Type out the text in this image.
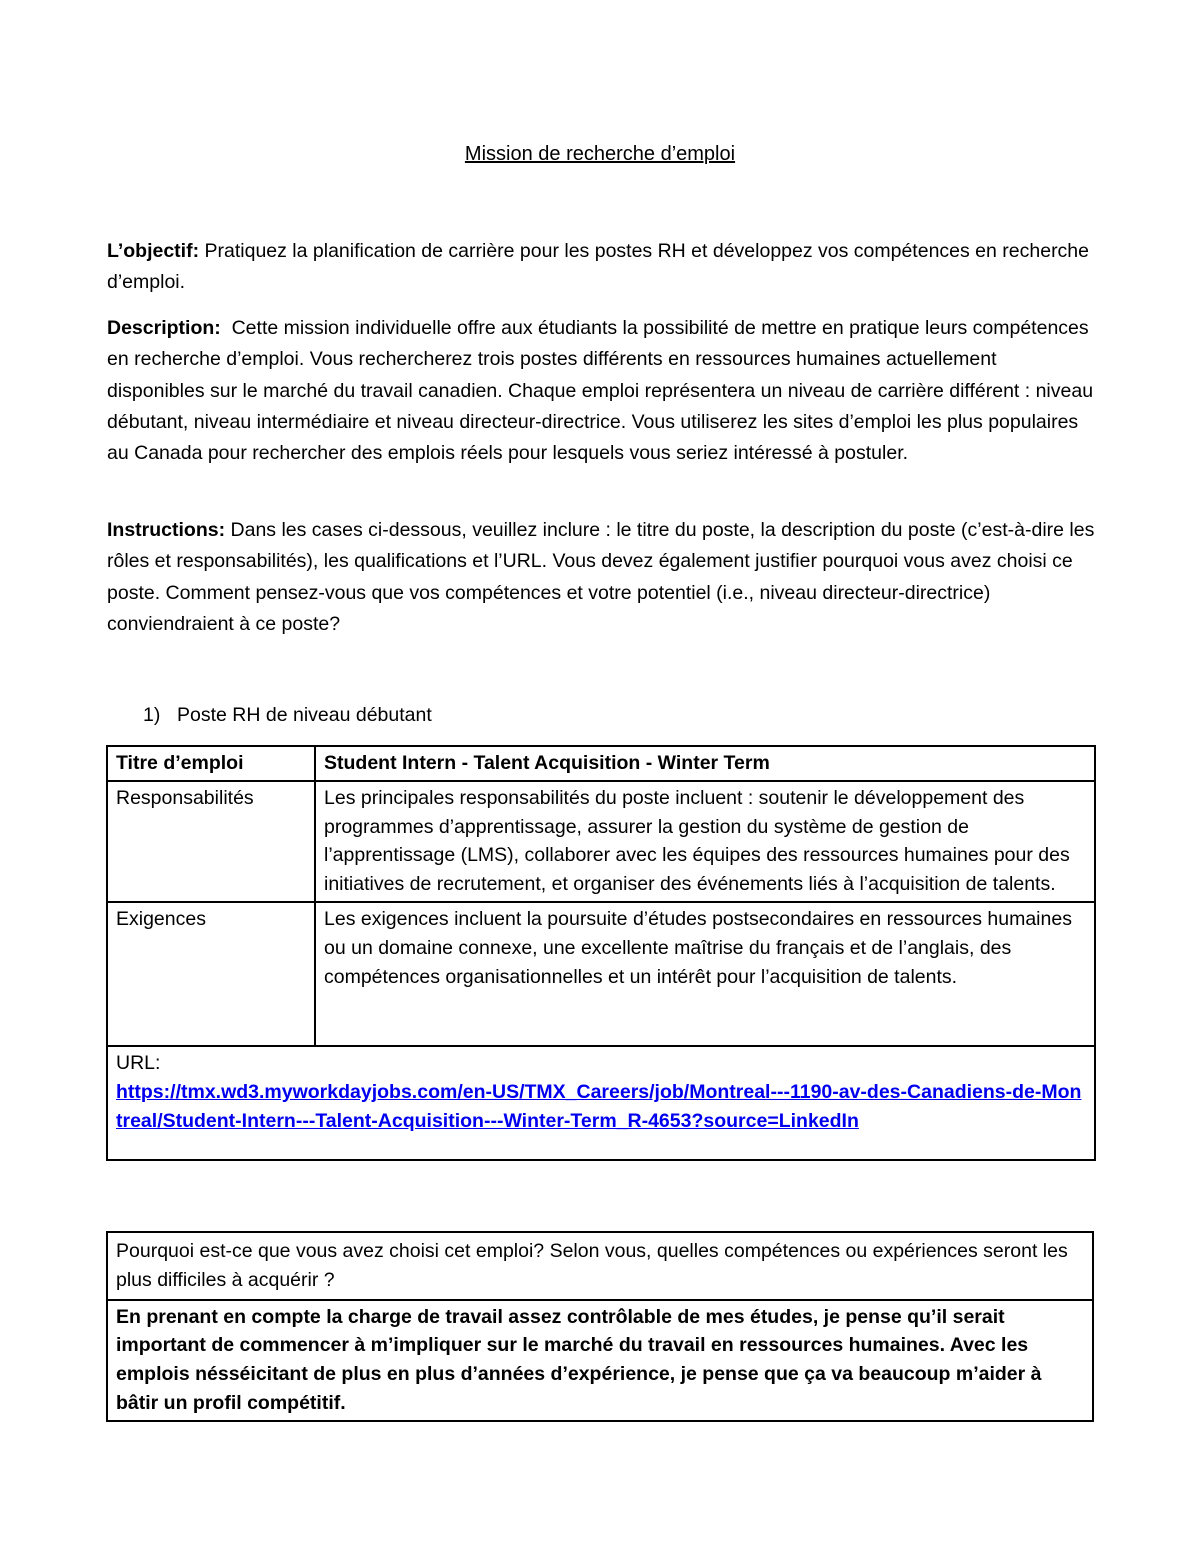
Mission de recherche d’emploi

L’objectif: Pratiquez la planification de carrière pour les postes RH et développez vos compétences en recherche d’emploi.

Description:  Cette mission individuelle offre aux étudiants la possibilité de mettre en pratique leurs compétences en recherche d’emploi. Vous rechercherez trois postes différents en ressources humaines actuellement disponibles sur le marché du travail canadien. Chaque emploi représentera un niveau de carrière différent : niveau débutant, niveau intermédiaire et niveau directeur-directrice. Vous utiliserez les sites d’emploi les plus populaires au Canada pour rechercher des emplois réels pour lesquels vous seriez intéressé à postuler.

Instructions: Dans les cases ci-dessous, veuillez inclure : le titre du poste, la description du poste (c’est-à-dire les rôles et responsabilités), les qualifications et l’URL. Vous devez également justifier pourquoi vous avez choisi ce poste. Comment pensez-vous que vos compétences et votre potentiel (i.e., niveau directeur-directrice) conviendraient à ce poste?

1) Poste RH de niveau débutant
Titre d’emploi	Student Intern - Talent Acquisition - Winter Term
Responsabilités	Les principales responsabilités du poste incluent : soutenir le développement des programmes d’apprentissage, assurer la gestion du système de gestion de l’apprentissage (LMS), collaborer avec les équipes des ressources humaines pour des initiatives de recrutement, et organiser des événements liés à l’acquisition de talents.
Exigences	Les exigences incluent la poursuite d’études postsecondaires en ressources humaines ou un domaine connexe, une excellente maîtrise du français et de l’anglais, des compétences organisationnelles et un intérêt pour l’acquisition de talents.

URL:
https://tmx.wd3.myworkdayjobs.com/en-US/TMX_Careers/job/Montreal---1190-av-des-Canadiens-de-Montreal/Student-Intern---Talent-Acquisition---Winter-Term_R-4653?source=LinkedIn	
Pourquoi est-ce que vous avez choisi cet emploi? Selon vous, quelles compétences ou expériences seront les plus difficiles à acquérir ?
En prenant en compte la charge de travail assez contrôlable de mes études, je pense qu’il serait important de commencer à m’impliquer sur le marché du travail en ressources humaines. Avec les emplois nésséicitant de plus en plus d’années d’expérience, je pense que ça va beaucoup m’aider à bâtir un profil compétitif.
